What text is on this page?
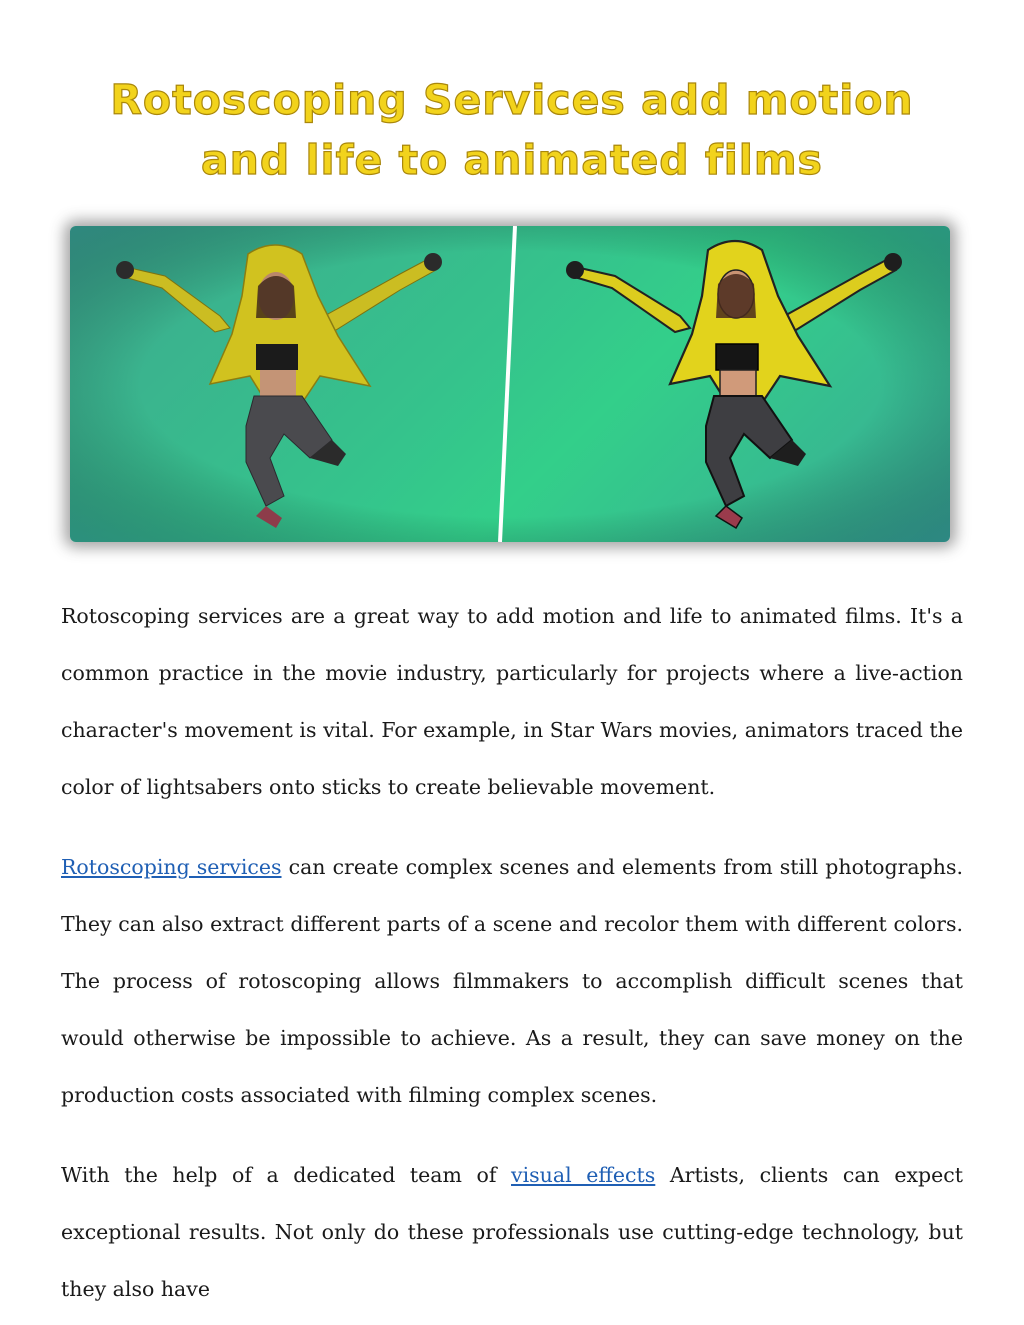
Rotoscoping Services add motion
and life to animated films

Rotoscoping services are a great way to add motion and life to animated films. It's a common practice in the movie industry, particularly for projects where a live-action character's movement is vital. For example, in Star Wars movies, animators traced the color of lightsabers onto sticks to create believable movement.

Rotoscoping services can create complex scenes and elements from still photographs. They can also extract different parts of a scene and recolor them with different colors. The process of rotoscoping allows filmmakers to accomplish difficult scenes that would otherwise be impossible to achieve. As a result, they can save money on the production costs associated with filming complex scenes.

With the help of a dedicated team of visual effects Artists, clients can expect exceptional results. Not only do these professionals use cutting-edge technology, but they also have
